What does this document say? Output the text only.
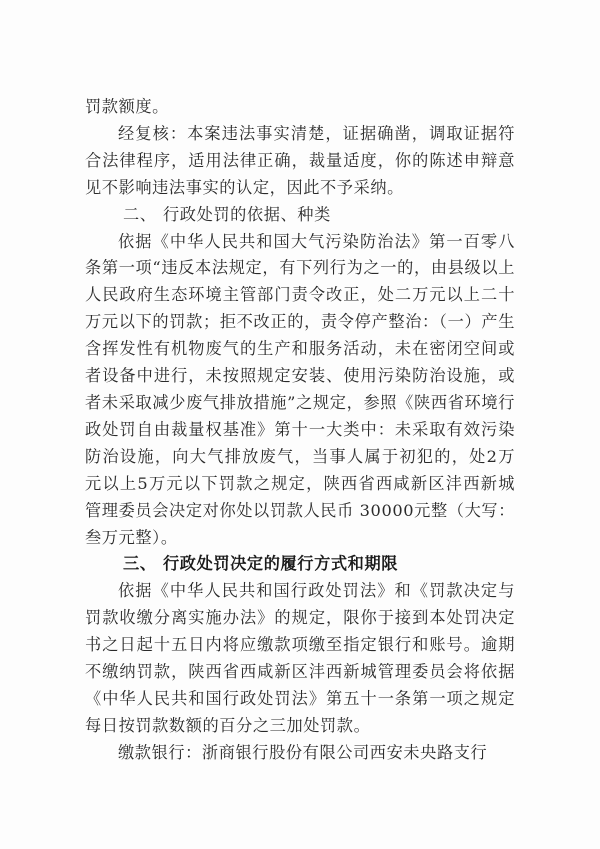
罚款额度。

经复核：本案违法事实清楚，证据确凿，调取证据符合法律程序，适用法律正确，裁量适度，你的陈述申辩意见不影响违法事实的认定，因此不予采纳。

二、 行政处罚的依据、种类

依据《中华人民共和国大气污染防治法》第一百零八条第一项“违反本法规定，有下列行为之一的，由县级以上人民政府生态环境主管部门责令改正，处二万元以上二十万元以下的罚款；拒不改正的，责令停产整治：（一）产生含挥发性有机物废气的生产和服务活动，未在密闭空间或者设备中进行，未按照规定安装、使用污染防治设施，或者未采取减少废气排放措施”之规定，参照《陕西省环境行政处罚自由裁量权基准》第十一大类中：未采取有效污染防治设施，向大气排放废气，当事人属于初犯的，处2万元以上5万元以下罚款之规定，陕西省西咸新区沣西新城管理委员会决定对你处以罚款人民币 30000元整（大写：叁万元整）。

三、 行政处罚决定的履行方式和期限

依据《中华人民共和国行政处罚法》和《罚款决定与罚款收缴分离实施办法》的规定，限你于接到本处罚决定书之日起十五日内将应缴款项缴至指定银行和账号。逾期不缴纳罚款，陕西省西咸新区沣西新城管理委员会将依据《中华人民共和国行政处罚法》第五十一条第一项之规定每日按罚款数额的百分之三加处罚款。

缴款银行：浙商银行股份有限公司西安未央路支行
